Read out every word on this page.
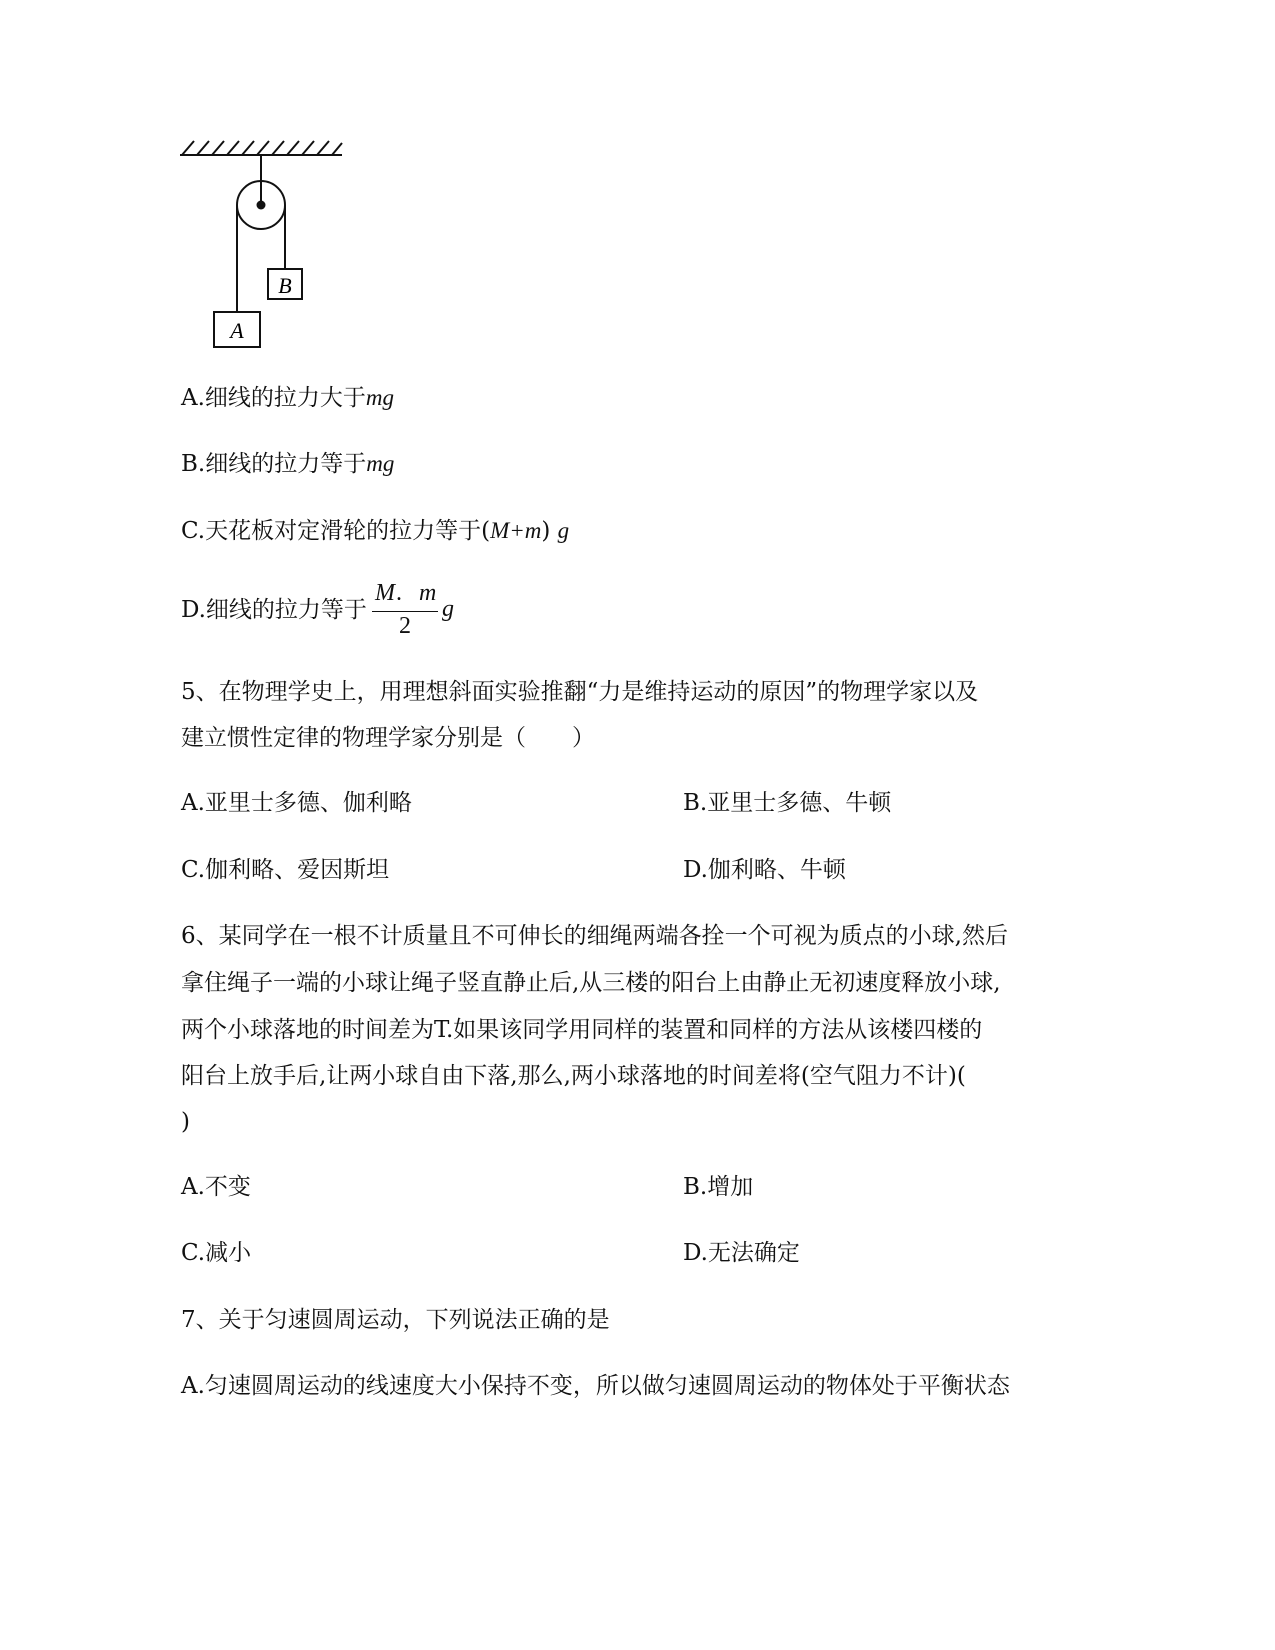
B
A
A.细线的拉力大于mg
B.细线的拉力等于mg
C.天花板对定滑轮的拉力等于(M+m) g
D.细线的拉力等于
M . m
2
g
5、在物理学史上，用理想斜面实验推翻“力是维持运动的原因”的物理学家以及
建立惯性定律的物理学家分别是（　　）
A.亚里士多德、伽利略	B.亚里士多德、牛顿
C.伽利略、爱因斯坦	D.伽利略、牛顿
6、某同学在一根不计质量且不可伸长的细绳两端各拴一个可视为质点的小球,然后
拿住绳子一端的小球让绳子竖直静止后,从三楼的阳台上由静止无初速度释放小球,
两个小球落地的时间差为T.如果该同学用同样的装置和同样的方法从该楼四楼的
阳台上放手后,让两小球自由下落,那么,两小球落地的时间差将(空气阻力不计)(
)
A.不变	B.增加
C.减小	D.无法确定
7、关于匀速圆周运动，下列说法正确的是
A.匀速圆周运动的线速度大小保持不变，所以做匀速圆周运动的物体处于平衡状态
